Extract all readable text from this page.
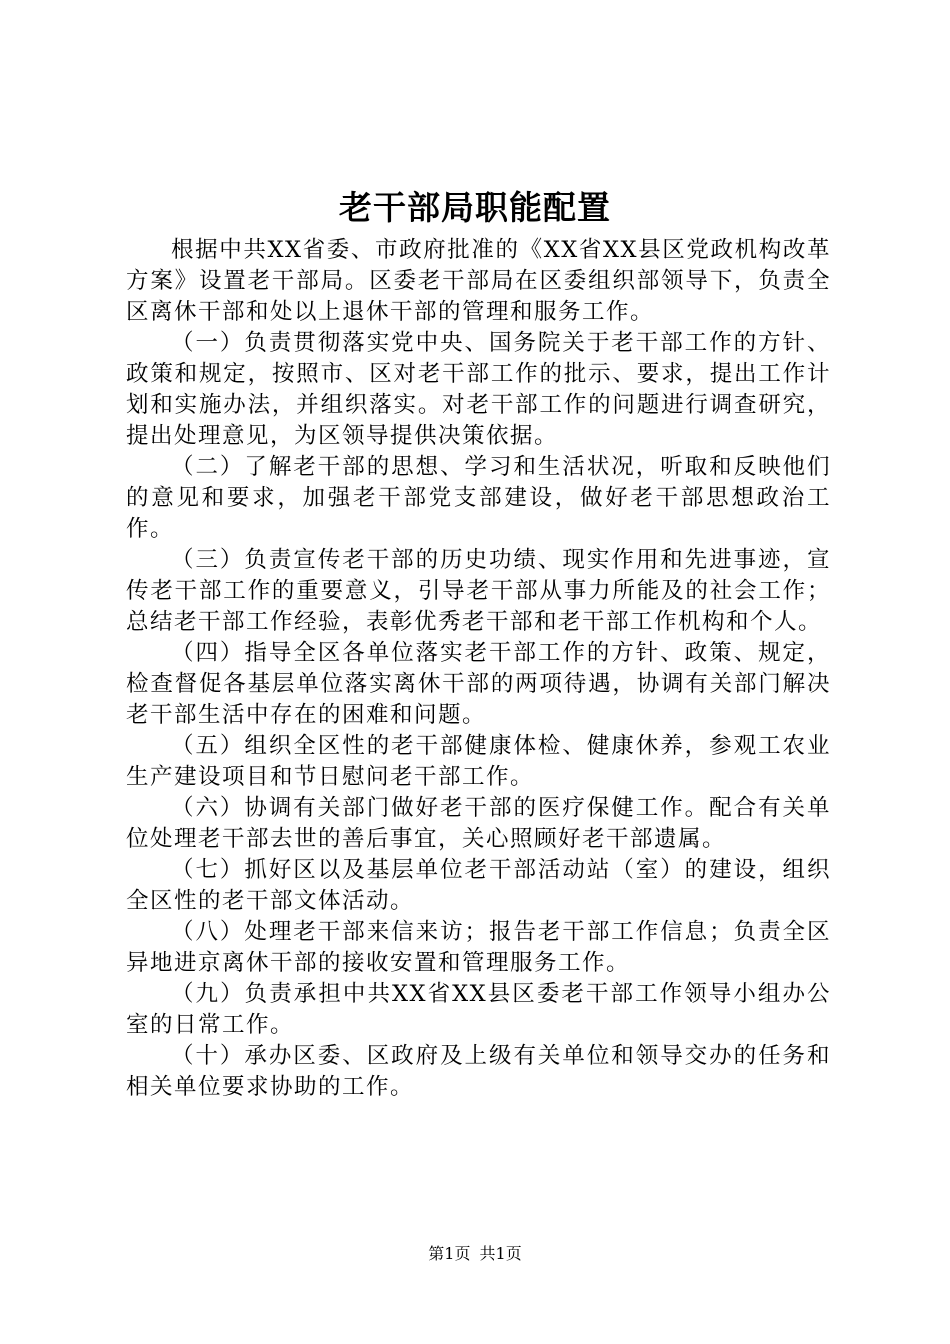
老干部局职能配置

根据中共XX省委、市政府批准的《XX省XX县区党政机构改革方案》设置老干部局。区委老干部局在区委组织部领导下，负责全区离休干部和处以上退休干部的管理和服务工作。

（一）负责贯彻落实党中央、国务院关于老干部工作的方针、政策和规定，按照市、区对老干部工作的批示、要求，提出工作计划和实施办法，并组织落实。对老干部工作的问题进行调查研究，提出处理意见，为区领导提供决策依据。

（二）了解老干部的思想、学习和生活状况，听取和反映他们的意见和要求，加强老干部党支部建设，做好老干部思想政治工作。

（三）负责宣传老干部的历史功绩、现实作用和先进事迹，宣传老干部工作的重要意义，引导老干部从事力所能及的社会工作；总结老干部工作经验，表彰优秀老干部和老干部工作机构和个人。

（四）指导全区各单位落实老干部工作的方针、政策、规定，检查督促各基层单位落实离休干部的两项待遇，协调有关部门解决老干部生活中存在的困难和问题。

（五）组织全区性的老干部健康体检、健康休养，参观工农业生产建设项目和节日慰问老干部工作。

（六）协调有关部门做好老干部的医疗保健工作。配合有关单位处理老干部去世的善后事宜，关心照顾好老干部遗属。

（七）抓好区以及基层单位老干部活动站（室）的建设，组织全区性的老干部文体活动。

（八）处理老干部来信来访；报告老干部工作信息；负责全区异地进京离休干部的接收安置和管理服务工作。

（九）负责承担中共XX省XX县区委老干部工作领导小组办公室的日常工作。

（十）承办区委、区政府及上级有关单位和领导交办的任务和相关单位要求协助的工作。

第1页 共1页
